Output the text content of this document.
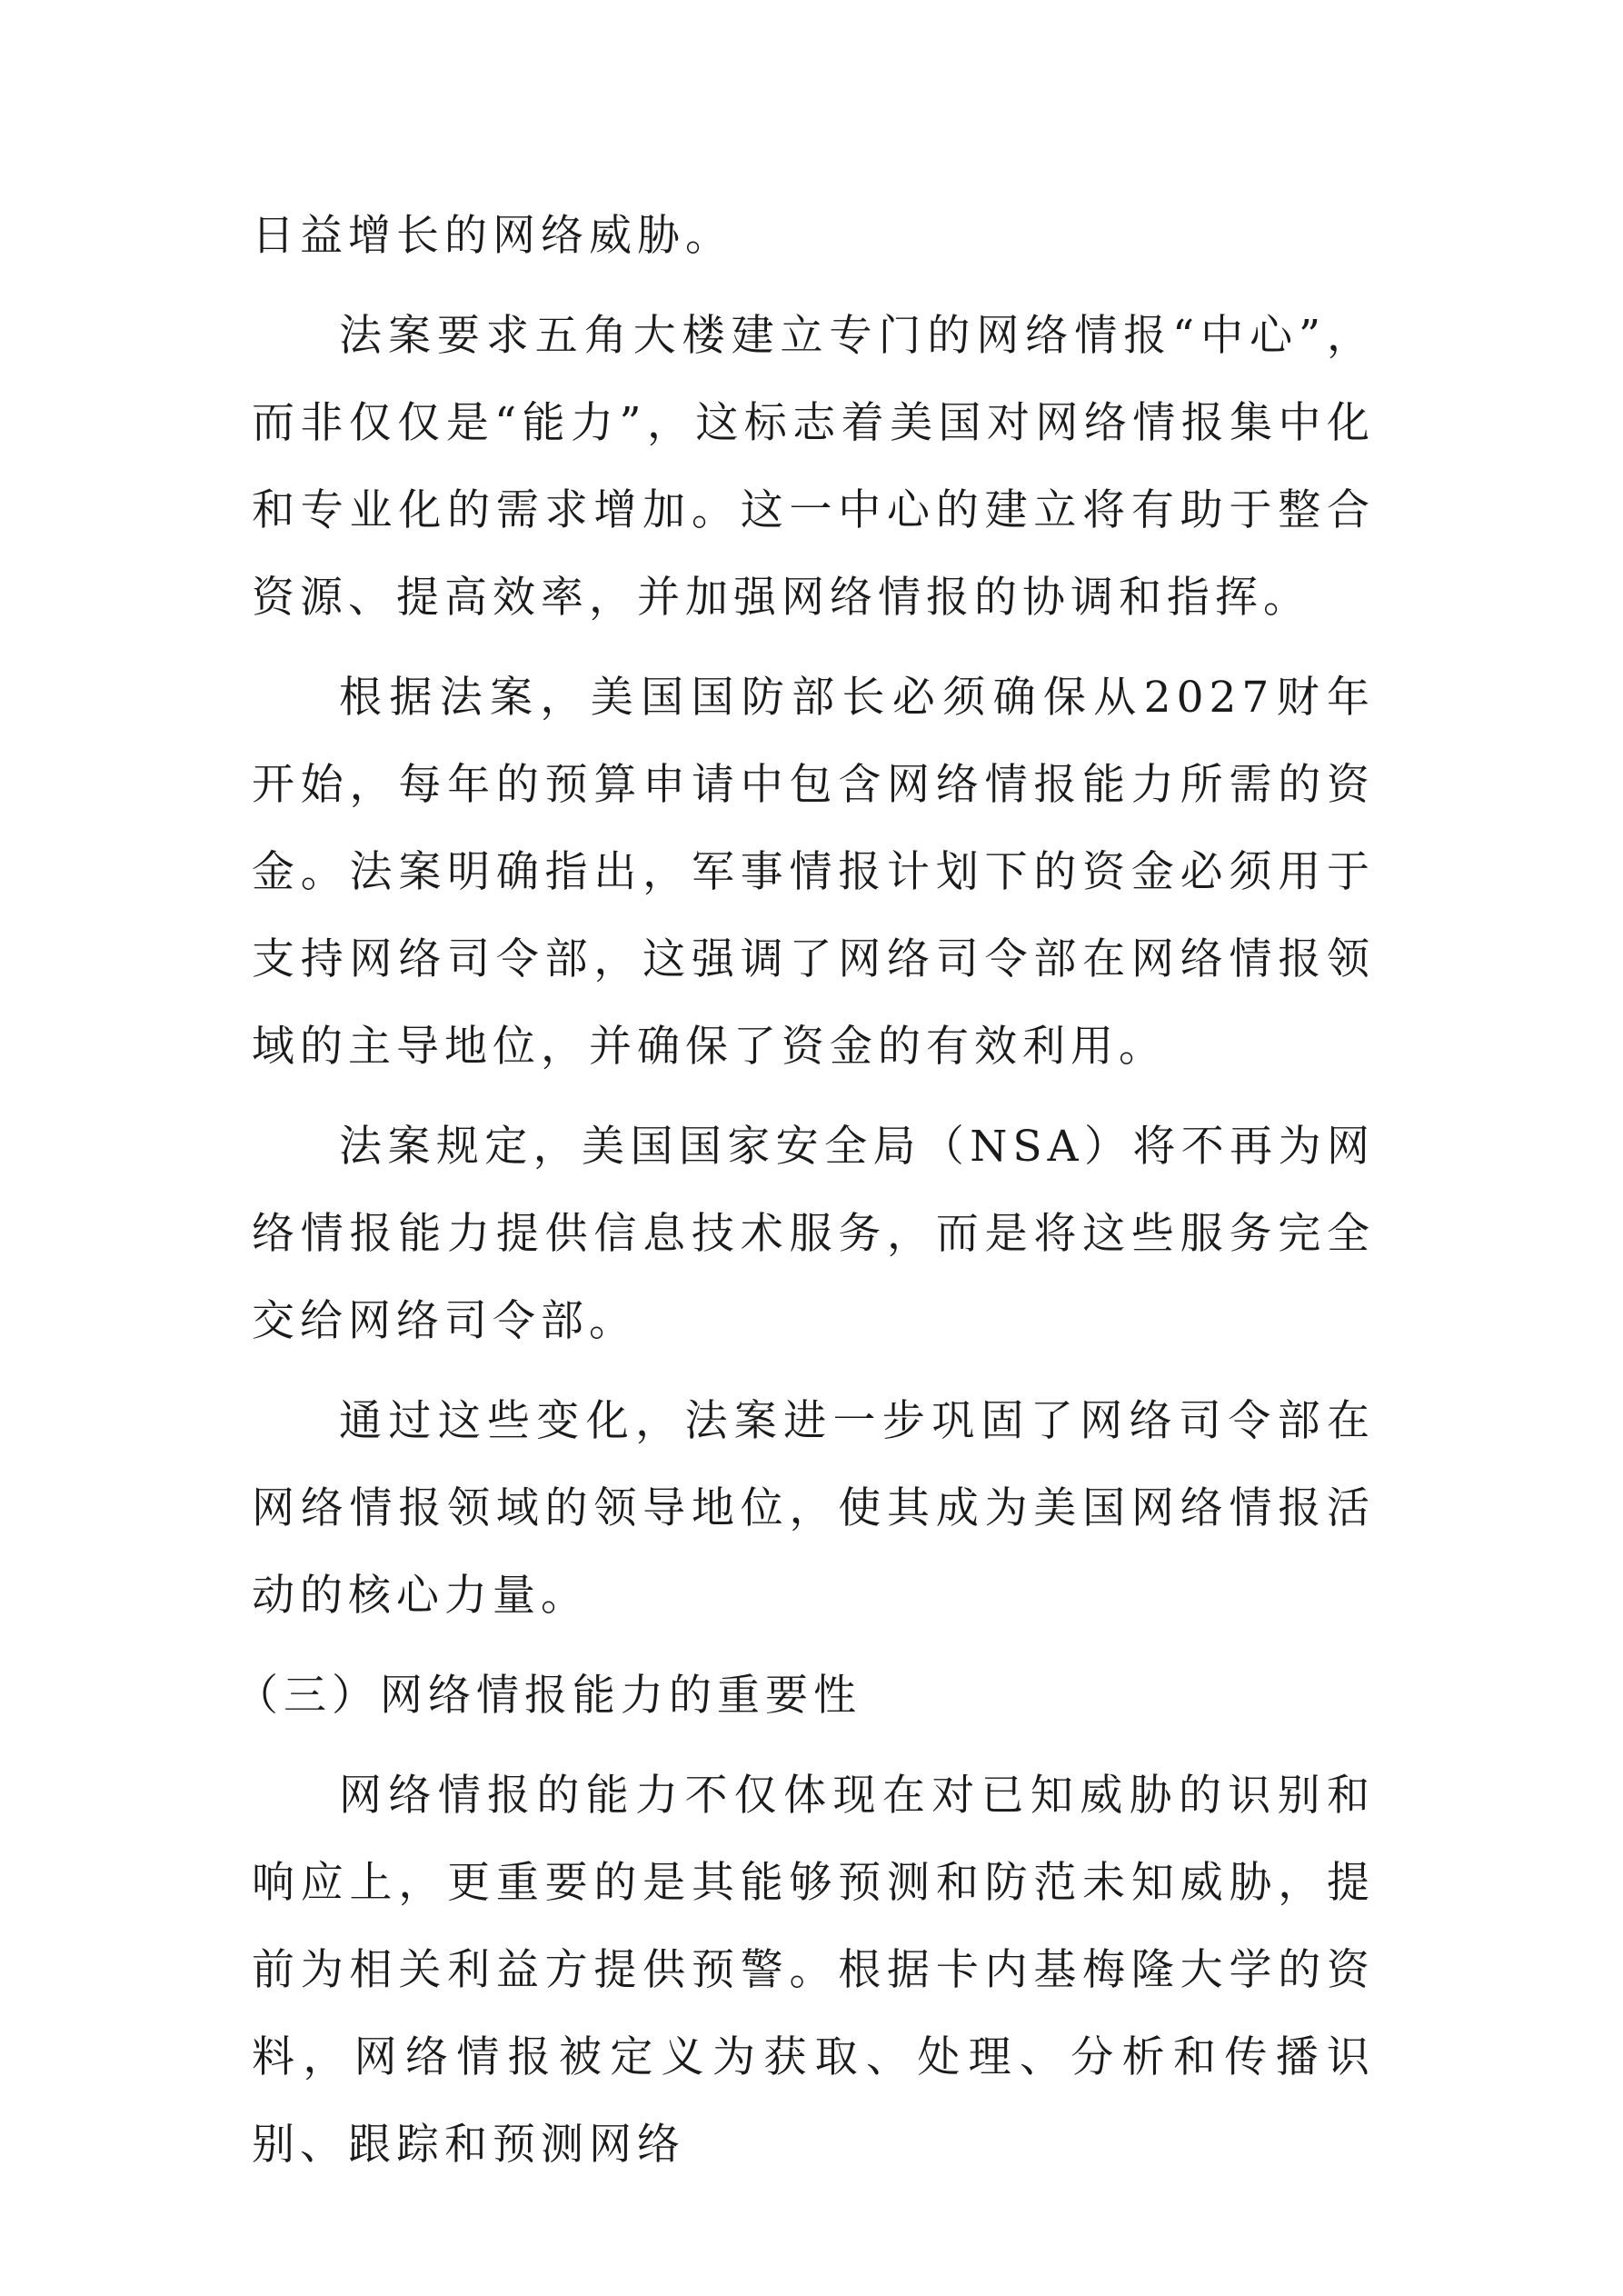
日益增长的网络威胁。

法案要求五角大楼建立专门的网络情报“中心”，而非仅仅是“能力”，这标志着美国对网络情报集中化和专业化的需求增加。这一中心的建立将有助于整合资源、提高效率，并加强网络情报的协调和指挥。

根据法案，美国国防部长必须确保从2027财年开始，每年的预算申请中包含网络情报能力所需的资金。法案明确指出，军事情报计划下的资金必须用于支持网络司令部，这强调了网络司令部在网络情报领域的主导地位，并确保了资金的有效利用。

法案规定，美国国家安全局（NSA）将不再为网络情报能力提供信息技术服务，而是将这些服务完全交给网络司令部。

通过这些变化，法案进一步巩固了网络司令部在网络情报领域的领导地位，使其成为美国网络情报活动的核心力量。

（三）网络情报能力的重要性

网络情报的能力不仅体现在对已知威胁的识别和响应上，更重要的是其能够预测和防范未知威胁，提前为相关利益方提供预警。根据卡内基梅隆大学的资料，网络情报被定义为获取、处理、分析和传播识别、跟踪和预测网络
